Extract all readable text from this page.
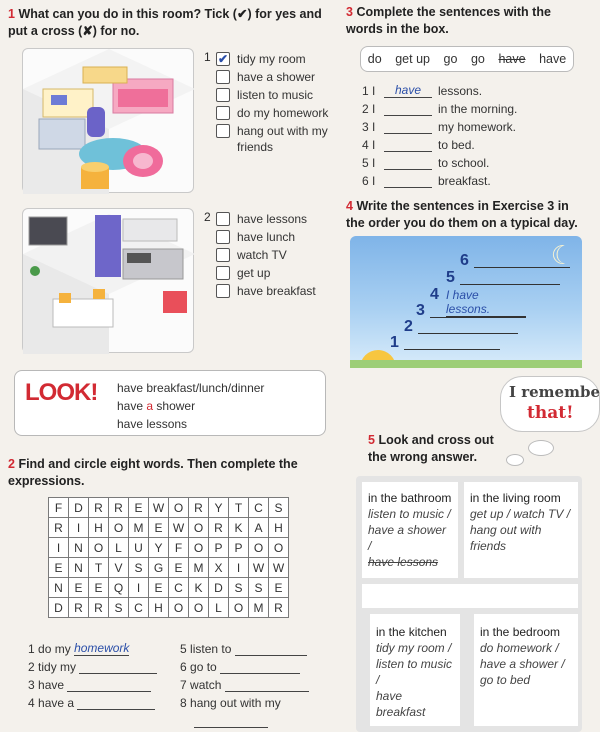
1 What can you do in this room? Tick (✔) for yes and put a cross (✘) for no.
1 ✔ tidy my room
have a shower
listen to music
do my homework
hang out with my
friends
2 have lessons
have lunch
watch TV
get up
have breakfast
LOOK! have breakfast/lunch/dinner
have a shower
have lessons
2 Find and circle eight words. Then complete the expressions.
F	D	R	R	E	W	O	R	Y	T	C	S
R	I	H	O	M	E	W	O	R	K	A	H
I	N	O	L	U	Y	F	O	P	P	O	O
E	N	T	V	S	G	E	M	X	I	W	W
N	E	E	Q	I	E	C	K	D	S	S	E
D	R	R	S	C	H	O	O	L	O	M	R
1
do my
homework
2
tidy my

3
have

4
have a

5
listen to

6
go to

7
watch

8
hang out with my
3 Complete the sentences with the words in the box.
do get up go go have have
1 I	have	lessons.
2 I	in the morning.
3 I	my homework.
4 I	to bed.
5 I	to school.
6 I	breakfast.
4 Write the sentences in Exercise 3 in the order you do them on a typical day.
☾
6
5
4 I have lessons.
3
2
1
I remembe
that!
5 Look and cross out the wrong answer.
in the bathroom
listen to music /
have a shower /
have lessons
in the living room
get up / watch TV /
hang out with
friends
in the kitchen
tidy my room /
listen to music /
have breakfast
in the bedroom
do homework /
have a shower /
go to bed
